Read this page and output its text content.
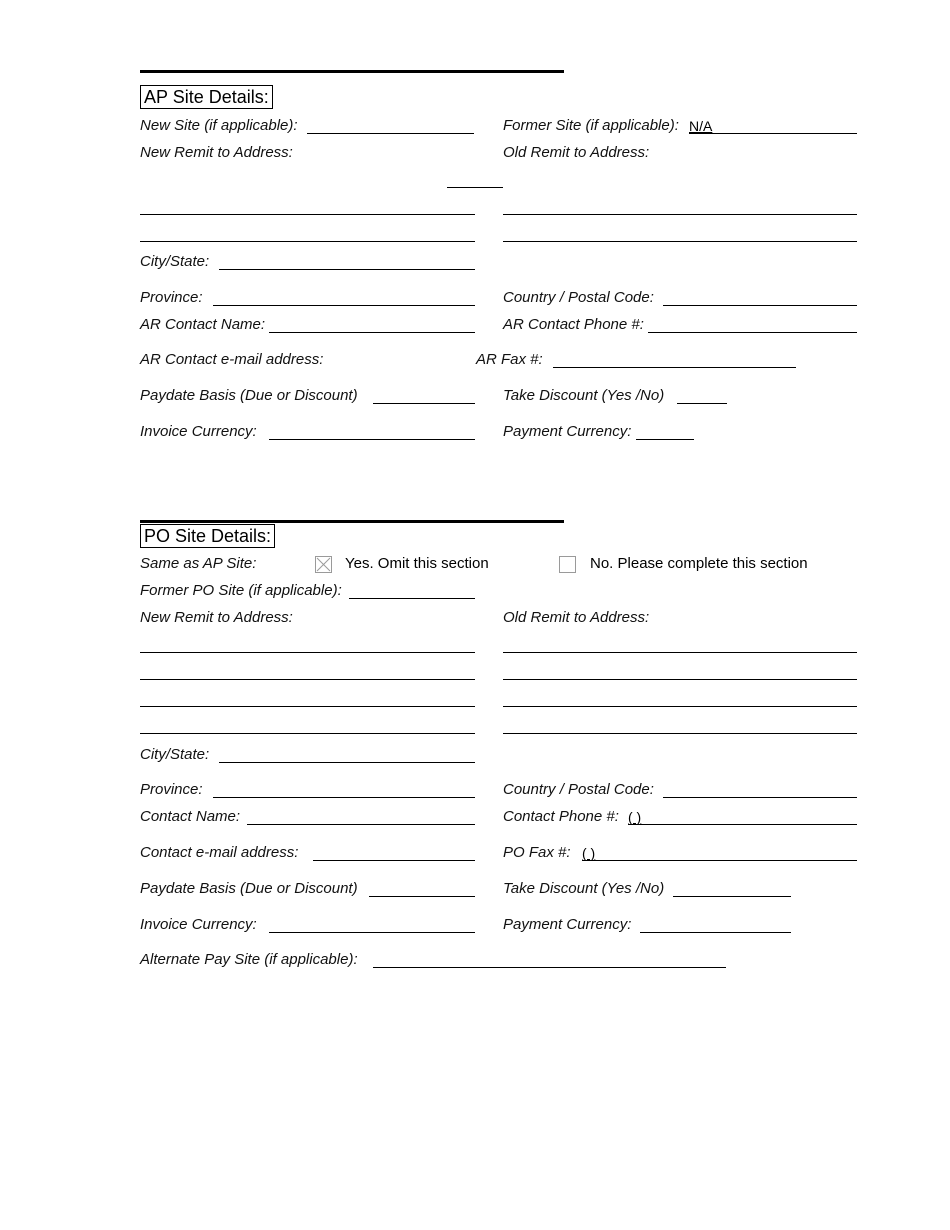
AP Site Details:
New Site (if applicable):	Former Site (if applicable): N/A
New Remit to Address:	Old Remit to Address:
City/State:
Province:	Country / Postal Code:
AR Contact Name:	AR Contact Phone #:
AR Contact e-mail address:	AR Fax #:
Paydate Basis (Due or Discount)	Take Discount (Yes /No)
Invoice Currency:	Payment Currency:
PO Site Details:
Same as AP Site:	Yes. Omit this section	No. Please complete this section
Former PO Site (if applicable):
New Remit to Address:	Old Remit to Address:
City/State:
Province:	Country / Postal Code:
Contact Name:	Contact Phone #: ( )
Contact e-mail address:	PO Fax #: ( )
Paydate Basis (Due or Discount)	Take Discount (Yes /No)
Invoice Currency:	Payment Currency:
Alternate Pay Site (if applicable):
